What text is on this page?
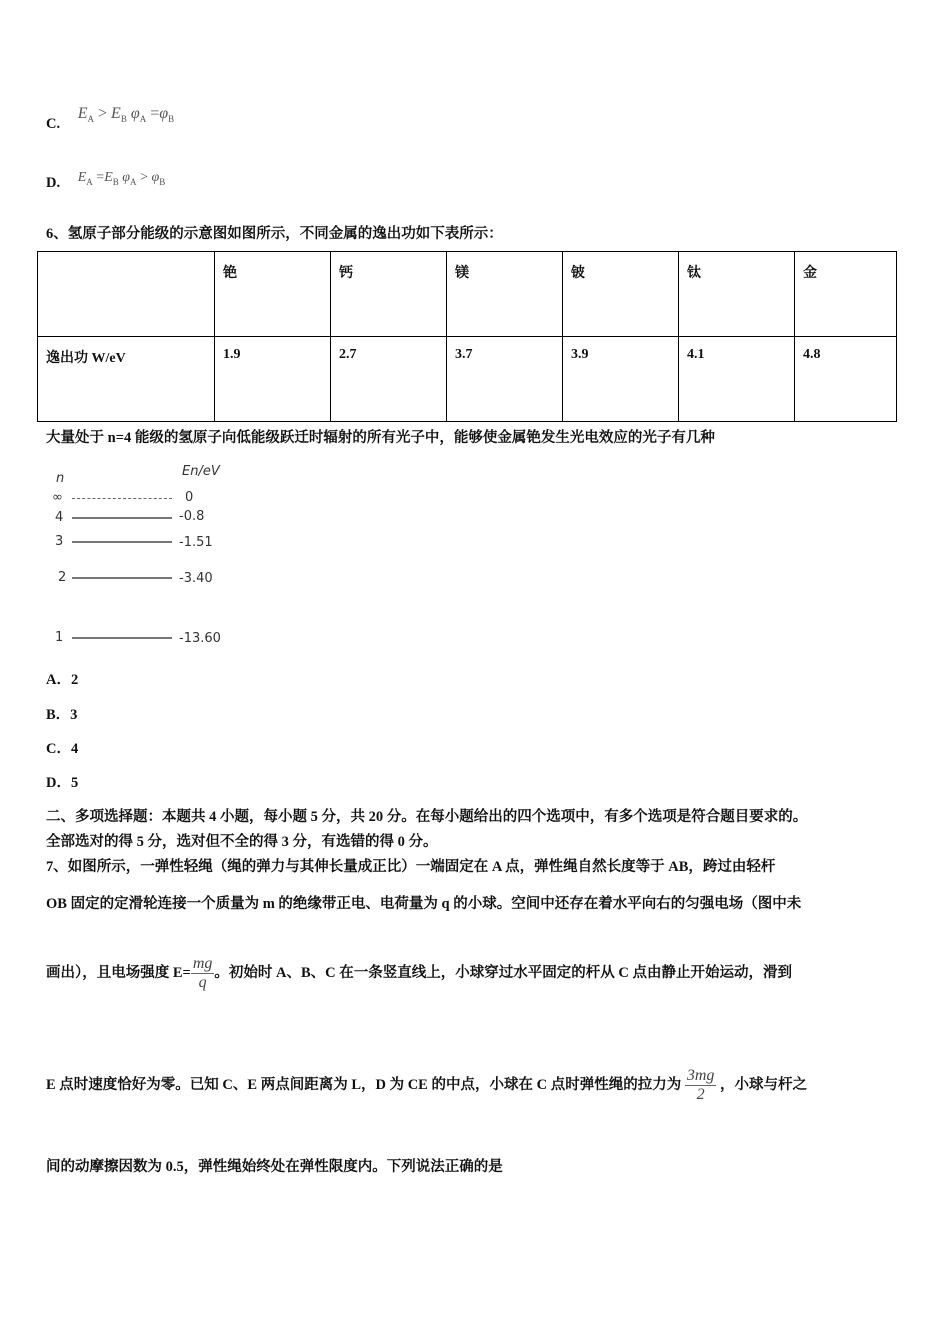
C. $E_A > E_B$ $\varphi_A =\varphi_B$
D. $E_A =E_B$ $\varphi_A > \varphi_B$
6、氢原子部分能级的示意图如图所示，不同金属的逸出功如下表所示：
	铯	钙	镁	铍	钛	金
逸出功 W/eV	1.9	2.7	3.7	3.9	4.1	4.8
大量处于 n=4 能级的氢原子向低能级跃迁时辐射的所有光子中，能够使金属铯发生光电效应的光子有几种
n	En/eV
∞	0
4	-0.8
3	-1.51
2	-3.40
1	-13.60
A．2
B．3
C．4
D．5
二、多项选择题：本题共 4 小题，每小题 5 分，共 20 分。在每小题给出的四个选项中，有多个选项是符合题目要求的。
全部选对的得 5 分，选对但不全的得 3 分，有选错的得 0 分。
7、如图所示，一弹性轻绳（绳的弹力与其伸长量成正比）一端固定在 A 点，弹性绳自然长度等于 AB，跨过由轻杆
OB 固定的定滑轮连接一个质量为 m 的绝缘带正电、电荷量为 q 的小球。空间中还存在着水平向右的匀强电场（图中未
画出），且电场强度 $E= \frac{mg}{q}$ 。初始时 A、B、C 在一条竖直线上，小球穿过水平固定的杆从 C 点由静止开始运动，滑到
E 点时速度恰好为零。已知 C、E 两点间距离为 L，D 为 CE 的中点，小球在 C 点时弹性绳的拉力为 $\frac{3mg}{2}$ ，小球与杆之
间的动摩擦因数为 0.5，弹性绳始终处在弹性限度内。下列说法正确的是
